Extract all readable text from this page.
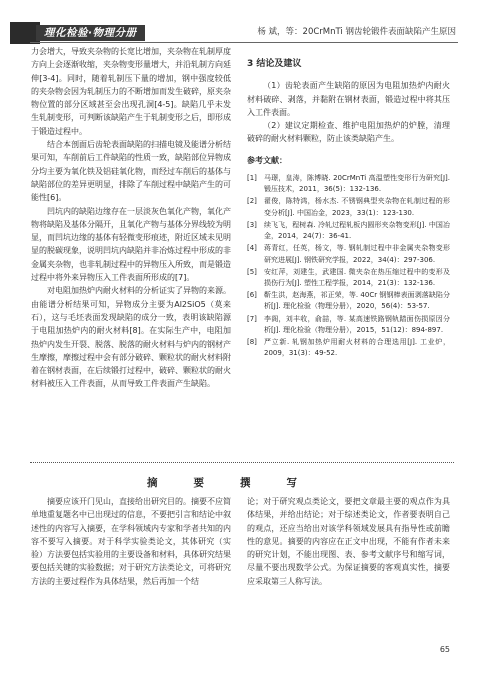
理化检验·物理分册	杨 斌，等：20CrMnTi 钢齿轮锻件表面缺陷产生原因

力会增大，导致夹杂物的长宽比增加，夹杂物在轧制厚度方向上会逐渐收缩，夹杂物变形量增大，并沿轧制方向延伸[3-4]。同时，随着轧制压下量的增加，钢中强度较低的夹杂物会因为轧制压力的不断增加而发生破碎，原夹杂物位置的部分区域甚至会出现孔洞[4-5]。缺陷几乎未发生轧制变形，可判断该缺陷产生于轧制变形之后，即形成于锻造过程中。

结合本剖面后齿轮表面缺陷的扫描电镜及能谱分析结果可知，车削前后工件缺陷的性质一致，缺陷部位异物成分均主要为氧化铁及铝硅氧化物，而经过车削后的基体与缺陷部位的差异更明显，排除了车削过程中缺陷产生的可能性[6]。

凹坑内的缺陷边缘存在一层淡灰色氧化产物，氧化产物将缺陷及基体分隔开，且氧化产物与基体分界线较为明显，而凹坑边缘的基体有轻微变形痕迹，附近区域未见明显的脱碳现象，说明凹坑内缺陷并非冶炼过程中形成的非金属夹杂物，也非轧制过程中的异物压入所致，而是锻造过程中将外来异物压入工件表面所形成的[7]。

对电阻加热炉内耐火材料的分析证实了异物的来源。由能谱分析结果可知，异物成分主要为Al2SiO5（莫来石），这与毛坯表面发现缺陷的成分一致，表明该缺陷源于电阻加热炉内的耐火材料[8]。在实际生产中，电阻加热炉内发生开裂、脱落、脱落的耐火材料与炉内的钢材产生摩擦，摩擦过程中会有部分破碎、颗粒状的耐火材料附着在钢材表面，在后续锻打过程中，破碎、颗粒状的耐火材料被压入工件表面，从而导致工件表面产生缺陷。

3 结论及建议

（1）齿轮表面产生缺陷的原因为电阻加热炉内耐火材料破碎、剥落，并黏附在钢材表面，锻造过程中将其压入工件表面。

（2）建议定期检查、维护电阻加热炉的炉膛，清理破碎的耐火材料颗粒，防止该类缺陷产生。

参考文献：
[1]	马璟，皇涛，陈博晓. 20CrMnTi 高温塑性变形行为研究[J]. 锻压技术，2011，36(5)：132-136.
[2]	翟俊，陈特鸿，杨水杰. 不锈钢典型夹杂物在轧制过程的形变分析[J]. 中国冶金，2023，33(1)：123-130.
[3]	续飞飞，程树森. 冷轧过程轧板内圆形夹杂物变形[J]. 中国冶金，2014，24(7)：36-41.
[4]	蒋青红，任英，杨文，等. 钢轧制过程中非金属夹杂物变形研究进展[J]. 钢铁研究学报，2022，34(4)：297-306.
[5]	安红萍，刘建生，武建国. 微夹杂在热压缩过程中的变形及损伤行为[J]. 塑性工程学报，2014，21(3)：132-136.
[6]	靳生洪，赵海燕，祁正荣，等. 40Cr 钢钢棒表面剥落缺陷分析[J]. 理化检验（物理分册），2020，56(4)：53-57.
[7]	李阁，刘丰收，俞喆，等. 某高速铁路钢轨踏面伤损原因分析[J]. 理化检验（物理分册），2015，51(12)：894-897.
[8]	严立新. 轧钢加热炉用耐火材料的合理选用[J]. 工业炉，2009，31(3)：49-52.
摘要撰写

摘要应该开门见山，直接给出研究目的。摘要不应简单地重复题名中已出现过的信息，不要把引言和结论中叙述性的内容写入摘要，在学科领域内专家和学者共知的内容不要写入摘要。对于科学实验类论文，其体研究（实验）方法要包括实验用的主要设备和材料，具体研究结果要包括关键的实验数据；对于研究方法类论文，可将研究方法的主要过程作为具体结果，然后再加一个结

论；对于研究观点类论文，要把文章最主要的观点作为具体结果，并给出结论；对于综述类论文，作者要表明自己的观点，还应当给出对该学科领域发展具有指导性或前瞻性的意见。摘要的内容应在正文中出现，不能有作者未来的研究计划，不能出现图、表、参考文献序号和缩写词，尽量不要出现数学公式。为保证摘要的客观真实性，摘要应采取第三人称写法。

65
